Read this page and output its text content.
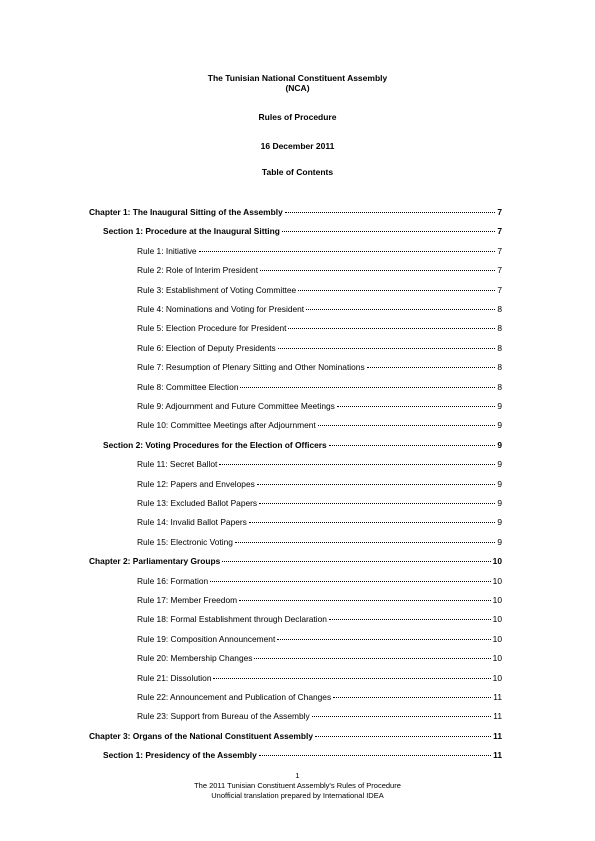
The Tunisian National Constituent Assembly
(NCA)
Rules of Procedure
16 December 2011
Table of Contents
Chapter 1: The Inaugural Sitting of the Assembly	7
Section 1: Procedure at the Inaugural Sitting	7
Rule 1: Initiative	7
Rule 2: Role of Interim President	7
Rule 3: Establishment of Voting Committee	7
Rule 4: Nominations and Voting for President	8
Rule 5: Election Procedure for President	8
Rule 6: Election of Deputy Presidents	8
Rule 7: Resumption of Plenary Sitting and Other Nominations	8
Rule 8: Committee Election	8
Rule 9: Adjournment and Future Committee Meetings	9
Rule 10: Committee Meetings after Adjournment	9
Section 2: Voting Procedures for the Election of Officers	9
Rule 11: Secret Ballot	9
Rule 12: Papers and Envelopes	9
Rule 13: Excluded Ballot Papers	9
Rule 14: Invalid Ballot Papers	9
Rule 15: Electronic Voting	9
Chapter 2: Parliamentary Groups	10
Rule 16: Formation	10
Rule 17: Member Freedom	10
Rule 18: Formal Establishment through Declaration	10
Rule 19: Composition Announcement	10
Rule 20: Membership Changes	10
Rule 21: Dissolution	10
Rule 22: Announcement and Publication of Changes	11
Rule 23: Support from Bureau of the Assembly	11
Chapter 3: Organs of the National Constituent Assembly	11
Section 1: Presidency of the Assembly	11
1
The 2011 Tunisian Constituent Assembly's Rules of Procedure
Unofficial translation prepared by International IDEA
